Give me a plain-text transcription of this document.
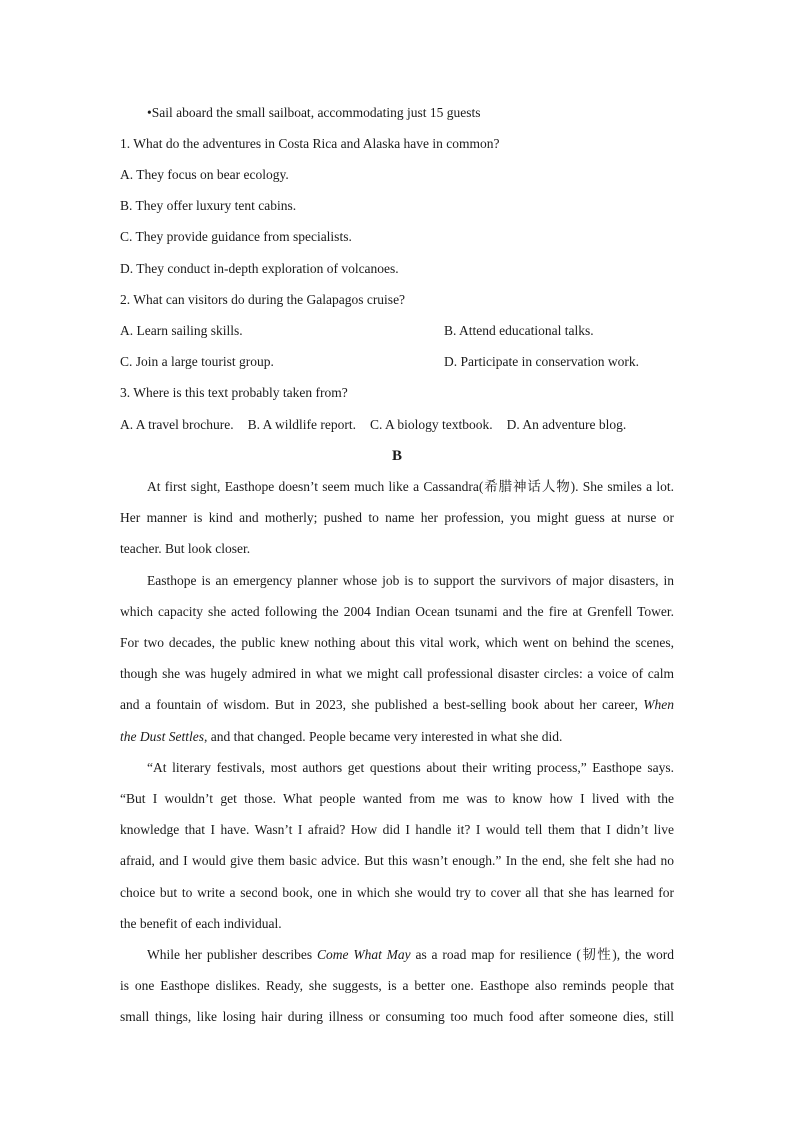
•Sail aboard the small sailboat, accommodating just 15 guests
1. What do the adventures in Costa Rica and Alaska have in common?
A. They focus on bear ecology.
B. They offer luxury tent cabins.
C. They provide guidance from specialists.
D. They conduct in-depth exploration of volcanoes.
2. What can visitors do during the Galapagos cruise?
A. Learn sailing skills.	B. Attend educational talks.
C. Join a large tourist group.	D. Participate in conservation work.
3. Where is this text probably taken from?
A. A travel brochure. B. A wildlife report. C. A biology textbook. D. An adventure blog.
B
At first sight, Easthope doesn’t seem much like a Cassandra(希腊神话人物). She smiles a lot.
Her manner is kind and motherly; pushed to name her profession, you might guess at nurse or
teacher. But look closer.
Easthope is an emergency planner whose job is to support the survivors of major disasters, in
which capacity she acted following the 2004 Indian Ocean tsunami and the fire at Grenfell Tower.
For two decades, the public knew nothing about this vital work, which went on behind the scenes,
though she was hugely admired in what we might call professional disaster circles: a voice of calm
and a fountain of wisdom. But in 2023, she published a best-selling book about her career, When
the Dust Settles, and that changed. People became very interested in what she did.
“At literary festivals, most authors get questions about their writing process,” Easthope says.
“But I wouldn’t get those. What people wanted from me was to know how I lived with the
knowledge that I have. Wasn’t I afraid? How did I handle it? I would tell them that I didn’t live
afraid, and I would give them basic advice. But this wasn’t enough.” In the end, she felt she had no
choice but to write a second book, one in which she would try to cover all that she has learned for
the benefit of each individual.
While her publisher describes Come What May as a road map for resilience (韧性), the word
is one Easthope dislikes. Ready, she suggests, is a better one. Easthope also reminds people that
small things, like losing hair during illness or consuming too much food after someone dies, still
